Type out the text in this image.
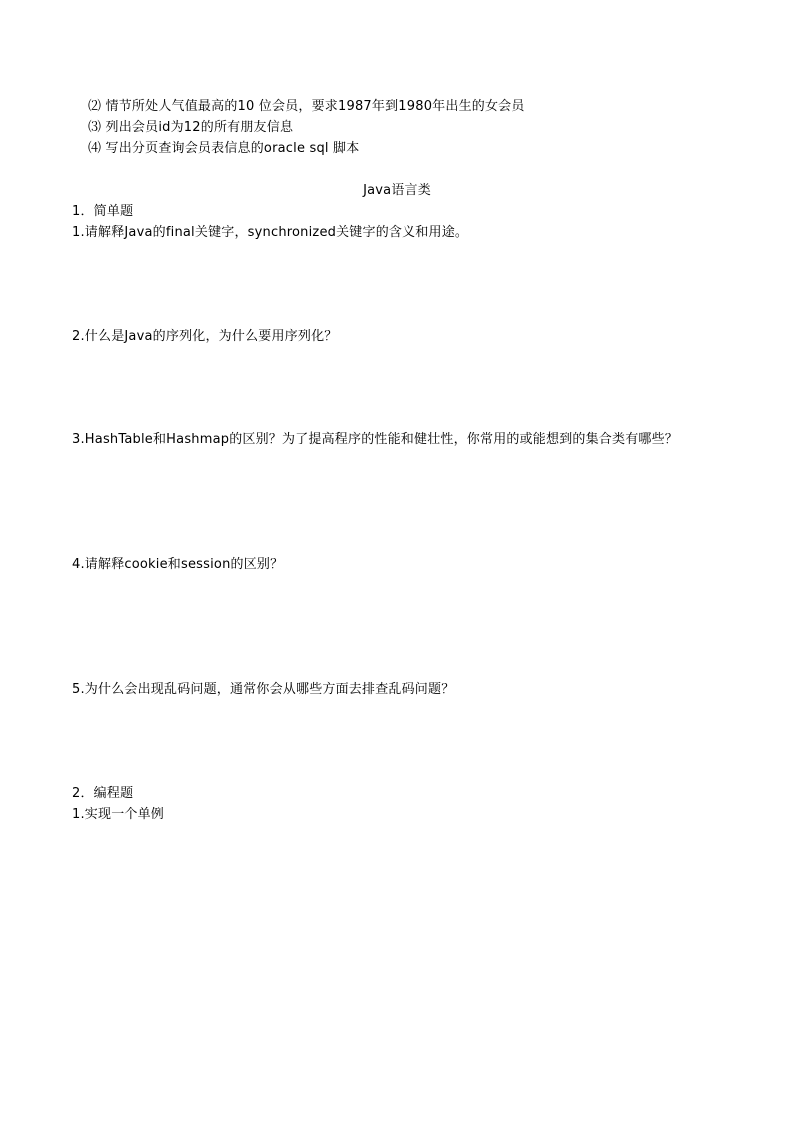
⑵ 情节所处人气值最高的10 位会员，要求1987年到1980年出生的女会员
⑶ 列出会员id为12的所有朋友信息
⑷ 写出分页查询会员表信息的oracle sql 脚本
Java语言类
1．简单题
1.请解释Java的final关键字，synchronized关键字的含义和用途。
2.什么是Java的序列化，为什么要用序列化？
3.HashTable和Hashmap的区别？为了提高程序的性能和健壮性，你常用的或能想到的集合类有哪些？
4.请解释cookie和session的区别？
5.为什么会出现乱码问题，通常你会从哪些方面去排查乱码问题？
2．编程题
1.实现一个单例
